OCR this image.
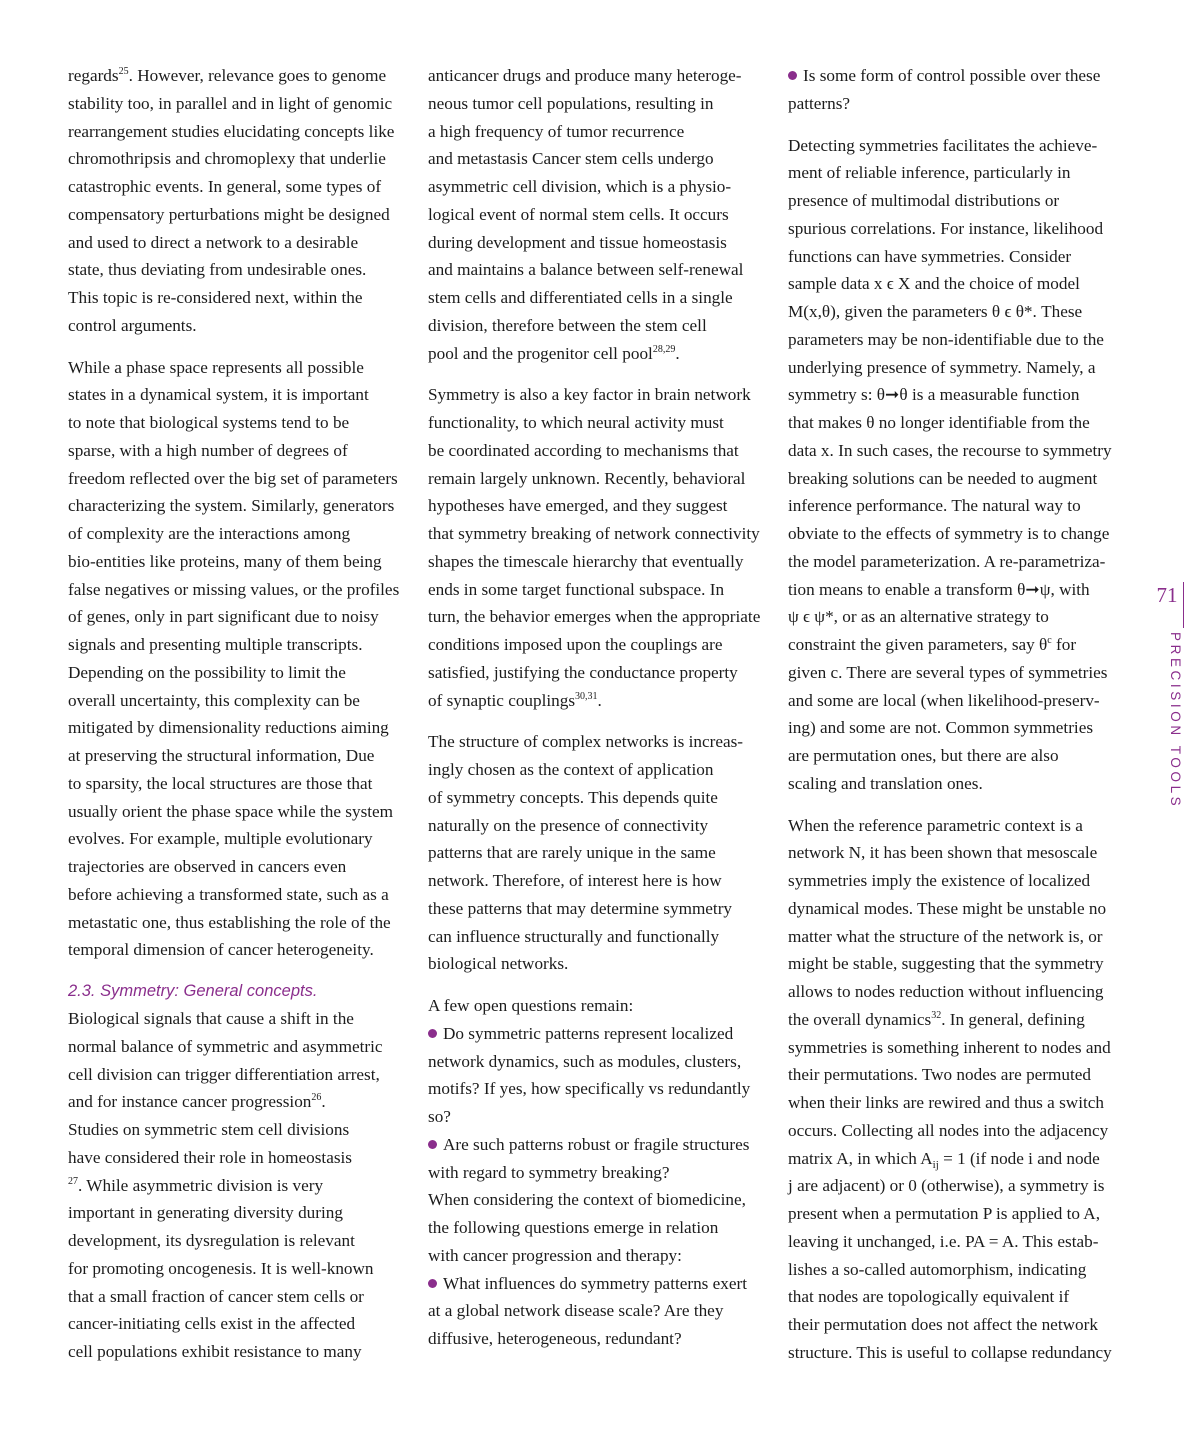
regards$^{25}$. However, relevance goes to genome
stability too, in parallel and in light of genomic
rearrangement studies elucidating concepts like
chromothripsis and chromoplexy that underlie
catastrophic events. In general, some types of
compensatory perturbations might be designed
and used to direct a network to a desirable
state, thus deviating from undesirable ones.
This topic is re-considered next, within the
control arguments.

While a phase space represents all possible
states in a dynamical system, it is important
to note that biological systems tend to be
sparse, with a high number of degrees of
freedom reflected over the big set of parameters
characterizing the system. Similarly, generators
of complexity are the interactions among
bio-entities like proteins, many of them being
false negatives or missing values, or the profiles
of genes, only in part significant due to noisy
signals and presenting multiple transcripts.
Depending on the possibility to limit the
overall uncertainty, this complexity can be
mitigated by dimensionality reductions aiming
at preserving the structural information, Due
to sparsity, the local structures are those that
usually orient the phase space while the system
evolves. For example, multiple evolutionary
trajectories are observed in cancers even
before achieving a transformed state, such as a
metastatic one, thus establishing the role of the
temporal dimension of cancer heterogeneity.

2.3. Symmetry: General concepts.

Biological signals that cause a shift in the
normal balance of symmetric and asymmetric
cell division can trigger differentiation arrest,
and for instance cancer progression$^{26}$.
Studies on symmetric stem cell divisions
have considered their role in homeostasis
$^{27}$. While asymmetric division is very
important in generating diversity during
development, its dysregulation is relevant
for promoting oncogenesis. It is well-known
that a small fraction of cancer stem cells or
cancer-initiating cells exist in the affected
cell populations exhibit resistance to many

anticancer drugs and produce many heteroge-
neous tumor cell populations, resulting in
a high frequency of tumor recurrence
and metastasis Cancer stem cells undergo
asymmetric cell division, which is a physio-
logical event of normal stem cells. It occurs
during development and tissue homeostasis
and maintains a balance between self-renewal
stem cells and differentiated cells in a single
division, therefore between the stem cell
pool and the progenitor cell pool$^{28,29}$.

Symmetry is also a key factor in brain network
functionality, to which neural activity must
be coordinated according to mechanisms that
remain largely unknown. Recently, behavioral
hypotheses have emerged, and they suggest
that symmetry breaking of network connectivity
shapes the timescale hierarchy that eventually
ends in some target functional subspace. In
turn, the behavior emerges when the appropriate
conditions imposed upon the couplings are
satisfied, justifying the conductance property
of synaptic couplings$^{30,31}$.

The structure of complex networks is increas-
ingly chosen as the context of application
of symmetry concepts. This depends quite
naturally on the presence of connectivity
patterns that are rarely unique in the same
network. Therefore, of interest here is how
these patterns that may determine symmetry
can influence structurally and functionally
biological networks.

A few open questions remain:
Do symmetric patterns represent localized
network dynamics, such as modules, clusters,
motifs? If yes, how specifically vs redundantly
so?
Are such patterns robust or fragile structures
with regard to symmetry breaking?
When considering the context of biomedicine,
the following questions emerge in relation
with cancer progression and therapy:
What influences do symmetry patterns exert
at a global network disease scale? Are they
diffusive, heterogeneous, redundant?

Is some form of control possible over these
patterns?

Detecting symmetries facilitates the achieve-
ment of reliable inference, particularly in
presence of multimodal distributions or
spurious correlations. For instance, likelihood
functions can have symmetries. Consider
sample data x ϵ X and the choice of model
M(x,θ), given the parameters θ ϵ θ*. These
parameters may be non-identifiable due to the
underlying presence of symmetry. Namely, a
symmetry s: θ➞θ is a measurable function
that makes θ no longer identifiable from the
data x. In such cases, the recourse to symmetry
breaking solutions can be needed to augment
inference performance. The natural way to
obviate to the effects of symmetry is to change
the model parameterization. A re-parametriza-
tion means to enable a transform θ➞ψ, with
ψ ϵ ψ*, or as an alternative strategy to
constraint the given parameters, say $\theta^c$ for
given c. There are several types of symmetries
and some are local (when likelihood-preserv-
ing) and some are not. Common symmetries
are permutation ones, but there are also
scaling and translation ones.

When the reference parametric context is a
network N, it has been shown that mesoscale
symmetries imply the existence of localized
dynamical modes. These might be unstable no
matter what the structure of the network is, or
might be stable, suggesting that the symmetry
allows to nodes reduction without influencing
the overall dynamics$^{32}$. In general, defining
symmetries is something inherent to nodes and
their permutations. Two nodes are permuted
when their links are rewired and thus a switch
occurs. Collecting all nodes into the adjacency
matrix A, in which $A_{ij} = 1$ (if node i and node
j are adjacent) or 0 (otherwise), a symmetry is
present when a permutation P is applied to A,
leaving it unchanged, i.e. PA = A. This estab-
lishes a so-called automorphism, indicating
that nodes are topologically equivalent if
their permutation does not affect the network
structure. This is useful to collapse redundancy

71
PRECISION TOOLS
